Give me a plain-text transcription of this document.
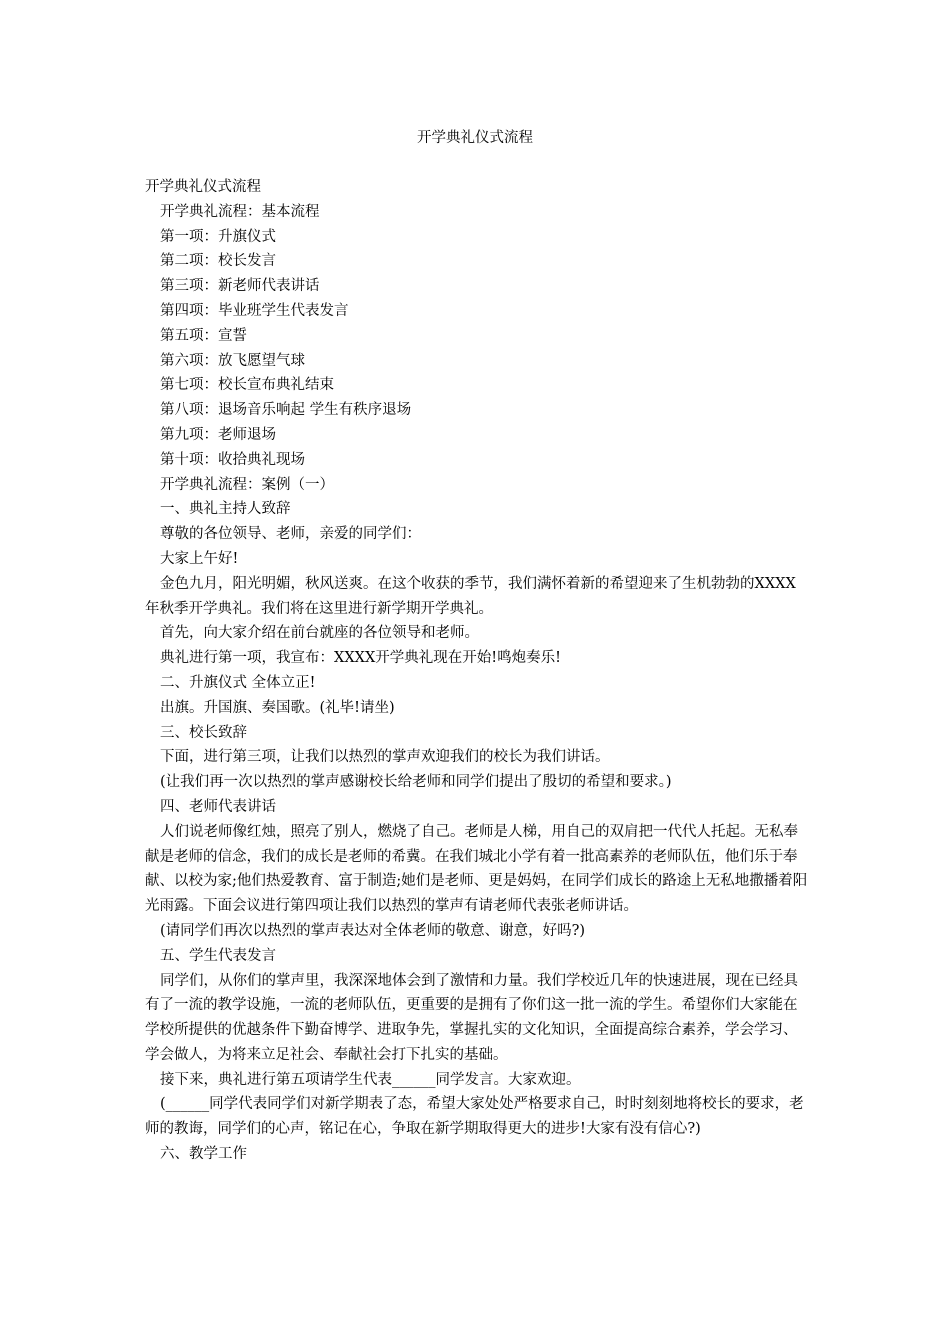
开学典礼仪式流程

开学典礼仪式流程

开学典礼流程：基本流程

第一项：升旗仪式

第二项：校长发言

第三项：新老师代表讲话

第四项：毕业班学生代表发言

第五项：宣誓

第六项：放飞愿望气球

第七项：校长宣布典礼结束

第八项：退场音乐响起 学生有秩序退场

第九项：老师退场

第十项：收拾典礼现场

开学典礼流程：案例（一）

一、典礼主持人致辞

尊敬的各位领导、老师，亲爱的同学们：

大家上午好!

金色九月，阳光明媚，秋风送爽。在这个收获的季节，我们满怀着新的希望迎来了生机勃勃的XXXX年秋季开学典礼。我们将在这里进行新学期开学典礼。

首先，向大家介绍在前台就座的各位领导和老师。

典礼进行第一项，我宣布：XXXX开学典礼现在开始!鸣炮奏乐!

二、升旗仪式 全体立正!

出旗。升国旗、奏国歌。(礼毕!请坐)

三、校长致辞

下面，进行第三项，让我们以热烈的掌声欢迎我们的校长为我们讲话。

(让我们再一次以热烈的掌声感谢校长给老师和同学们提出了殷切的希望和要求。)

四、老师代表讲话

人们说老师像红烛，照亮了别人，燃烧了自己。老师是人梯，用自己的双肩把一代代人托起。无私奉献是老师的信念，我们的成长是老师的希冀。在我们城北小学有着一批高素养的老师队伍，他们乐于奉献、以校为家;他们热爱教育、富于制造;她们是老师、更是妈妈，在同学们成长的路途上无私地撒播着阳光雨露。下面会议进行第四项让我们以热烈的掌声有请老师代表张老师讲话。

(请同学们再次以热烈的掌声表达对全体老师的敬意、谢意，好吗?)

五、学生代表发言

同学们，从你们的掌声里，我深深地体会到了激情和力量。我们学校近几年的快速进展，现在已经具有了一流的教学设施，一流的老师队伍，更重要的是拥有了你们这一批一流的学生。希望你们大家能在学校所提供的优越条件下勤奋博学、进取争先，掌握扎实的文化知识，全面提高综合素养，学会学习、学会做人，为将来立足社会、奉献社会打下扎实的基础。

接下来，典礼进行第五项请学生代表______同学发言。大家欢迎。

(______同学代表同学们对新学期表了态，希望大家处处严格要求自己，时时刻刻地将校长的要求，老师的教诲，同学们的心声，铭记在心，争取在新学期取得更大的进步!大家有没有信心?)

六、教学工作
